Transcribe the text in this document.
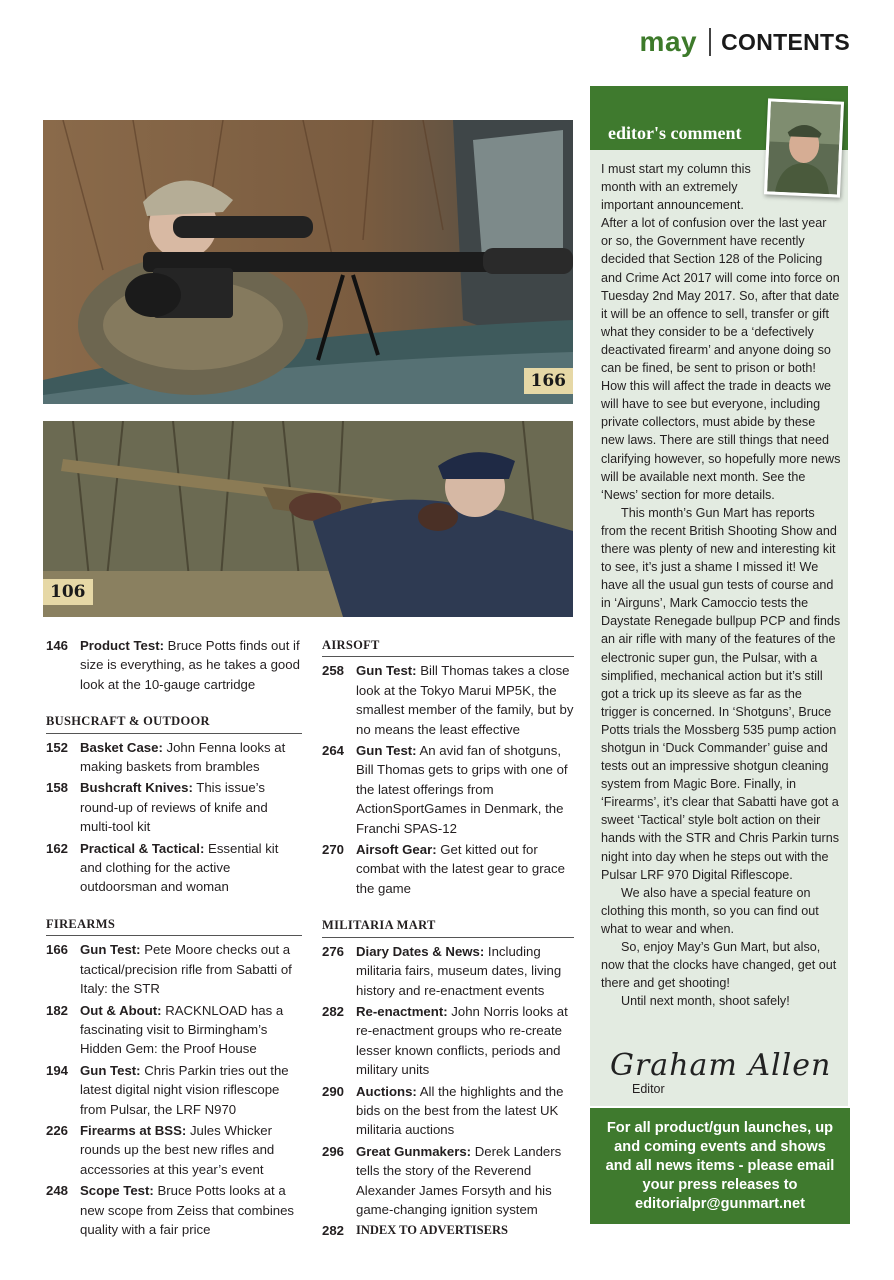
may CONTENTS
166
106
146 Product Test: Bruce Potts finds out if size is everything, as he takes a good look at the 10-gauge cartridge
BUSHCRAFT & OUTDOOR
152 Basket Case: John Fenna looks at making baskets from brambles
158 Bushcraft Knives: This issue’s round-up of reviews of knife and multi-tool kit
162 Practical & Tactical: Essential kit and clothing for the active outdoorsman and woman
FIREARMS
166 Gun Test: Pete Moore checks out a tactical/precision rifle from Sabatti of Italy: the STR
182 Out & About: RACKNLOAD has a fascinating visit to Birmingham’s Hidden Gem: the Proof House
194 Gun Test: Chris Parkin tries out the latest digital night vision riflescope from Pulsar, the LRF N970
226 Firearms at BSS: Jules Whicker rounds up the best new rifles and accessories at this year’s event
248 Scope Test: Bruce Potts looks at a new scope from Zeiss that combines quality with a fair price
AIRSOFT
258 Gun Test: Bill Thomas takes a close look at the Tokyo Marui MP5K, the smallest member of the family, but by no means the least effective
264 Gun Test: An avid fan of shotguns, Bill Thomas gets to grips with one of the latest offerings from ActionSportGames in Denmark, the Franchi SPAS-12
270 Airsoft Gear: Get kitted out for combat with the latest gear to grace the game
MILITARIA MART
276 Diary Dates & News: Including militaria fairs, museum dates, living history and re-enactment events
282 Re-enactment: John Norris looks at re-enactment groups who re-create lesser known conflicts, periods and military units
290 Auctions: All the highlights and the bids on the best from the latest UK militaria auctions
296 Great Gunmakers: Derek Landers tells the story of the Reverend Alexander James Forsyth and his game-changing ignition system
282 INDEX TO ADVERTISERS
editor's comment

I must start my column this month with an extremely important announcement.

After a lot of confusion over the last year or so, the Government have recently decided that Section 128 of the Policing and Crime Act 2017 will come into force on Tuesday 2nd May 2017. So, after that date it will be an offence to sell, transfer or gift what they consider to be a ‘defectively deactivated firearm’ and anyone doing so can be fined, be sent to prison or both! How this will affect the trade in deacts we will have to see but everyone, including private collectors, must abide by these new laws. There are still things that need clarifying however, so hopefully more news will be available next month. See the ‘News’ section for more details.

This month’s Gun Mart has reports from the recent British Shooting Show and there was plenty of new and interesting kit to see, it’s just a shame I missed it! We have all the usual gun tests of course and in ‘Airguns’, Mark Camoccio tests the Daystate Renegade bullpup PCP and finds an air rifle with many of the features of the electronic super gun, the Pulsar, with a simplified, mechanical action but it’s still got a trick up its sleeve as far as the trigger is concerned. In ‘Shotguns’, Bruce Potts trials the Mossberg 535 pump action shotgun in ‘Duck Commander’ guise and tests out an impressive shotgun cleaning system from Magic Bore. Finally, in ‘Firearms’, it’s clear that Sabatti have got a sweet ‘Tactical’ style bolt action on their hands with the STR and Chris Parkin turns night into day when he steps out with the Pulsar LRF 970 Digital Riflescope.

We also have a special feature on clothing this month, so you can find out what to wear and when.

So, enjoy May’s Gun Mart, but also, now that the clocks have changed, get out there and get shooting!

Until next month, shoot safely!

Graham Allen
Editor
For all product/gun launches, up and coming events and shows and all news items - please email your press releases to editorialpr@gunmart.net
